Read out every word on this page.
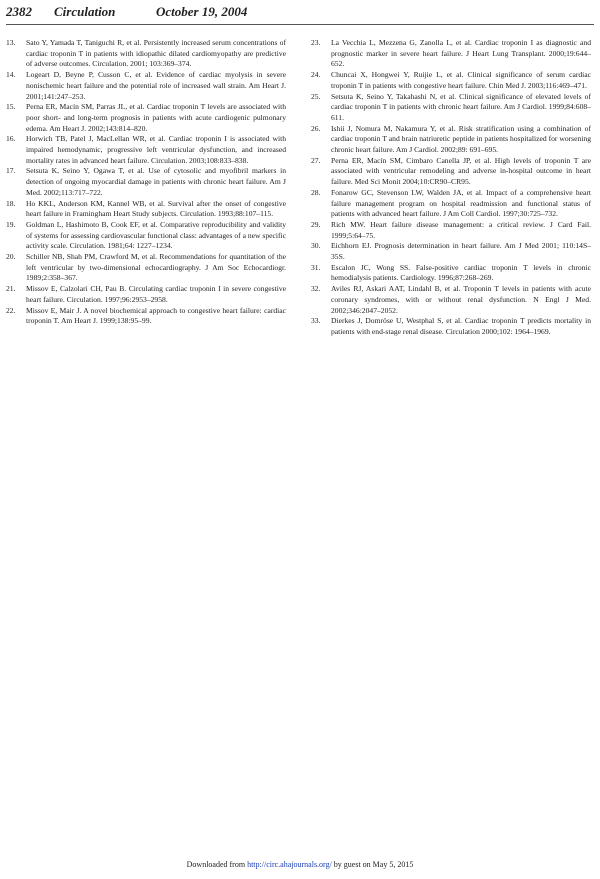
2382 Circulation	October 19, 2004

13. Sato Y, Yamada T, Taniguchi R, et al. Persistently increased serum concentrations of cardiac troponin T in patients with idiopathic dilated cardiomyopathy are predictive of adverse outcomes. Circulation. 2001; 103:369–374.

14. Logeart D, Beyne P, Cusson C, et al. Evidence of cardiac myolysis in severe nonischemic heart failure and the potential role of increased wall strain. Am Heart J. 2001;141:247–253.

15. Perna ER, Macín SM, Parras JL, et al. Cardiac troponin T levels are associated with poor short- and long-term prognosis in patients with acute cardiogenic pulmonary edema. Am Heart J. 2002;143:814–820.

16. Horwich TB, Patel J, MacLellan WR, et al. Cardiac troponin I is associated with impaired hemodynamic, progressive left ventricular dysfunction, and increased mortality rates in advanced heart failure. Circulation. 2003;108:833–838.

17. Setsuta K, Seino Y, Ogawa T, et al. Use of cytosolic and myofibril markers in detection of ongoing myocardial damage in patients with chronic heart failure. Am J Med. 2002;113:717–722.

18. Ho KKL, Anderson KM, Kannel WB, et al. Survival after the onset of congestive heart failure in Framingham Heart Study subjects. Circulation. 1993;88:107–115.

19. Goldman L, Hashimoto B, Cook EF, et al. Comparative reproducibility and validity of systems for assessing cardiovascular functional class: advantages of a new specific activity scale. Circulation. 1981;64: 1227–1234.

20. Schiller NB, Shah PM, Crawford M, et al. Recommendations for quantitation of the left ventricular by two-dimensional echocardiography. J Am Soc Echocardiogr. 1989;2:358–367.

21. Missov E, Calzolari CH, Pau B. Circulating cardiac troponin I in severe congestive heart failure. Circulation. 1997;96:2953–2958.

22. Missov E, Mair J. A novel biochemical approach to congestive heart failure: cardiac troponin T. Am Heart J. 1999;138:95–99.

23. La Vecchia L, Mezzena G, Zanolla L, et al. Cardiac troponin I as diagnostic and prognostic marker in severe heart failure. J Heart Lung Transplant. 2000;19:644–652.

24. Chuncai X, Hongwei Y, Ruijie L, et al. Clinical significance of serum cardiac troponin T in patients with congestive heart failure. Chin Med J. 2003;116:469–471.

25. Setsuta K, Seino Y, Takahashi N, et al. Clinical significance of elevated levels of cardiac troponin T in patients with chronic heart failure. Am J Cardiol. 1999;84:608–611.

26. Ishii J, Nomura M, Nakamura Y, et al. Risk stratification using a combination of cardiac troponin T and brain natriuretic peptide in patients hospitalized for worsening chronic heart failure. Am J Cardiol. 2002;89: 691–695.

27. Perna ER, Macín SM, Cimbaro Canella JP, et al. High levels of troponin T are associated with ventricular remodeling and adverse in-hospital outcome in heart failure. Med Sci Monit 2004;10:CR90–CR95.

28. Fonarow GC, Stevenson LW, Walden JA, et al. Impact of a comprehensive heart failure management program on hospital readmission and functional status of patients with advanced heart failure. J Am Coll Cardiol. 1997;30:725–732.

29. Rich MW. Heart failure disease management: a critical review. J Card Fail. 1999;5:64–75.

30. Eichhorn EJ. Prognosis determination in heart failure. Am J Med 2001; 110:14S–35S.

31. Escalon JC, Wong SS. False-positive cardiac troponin T levels in chronic hemodialysis patients. Cardiology. 1996;87:268–269.

32. Aviles RJ, Askari AAT, Lindahl B, et al. Troponin T levels in patients with acute coronary syndromes, with or without renal dysfunction. N Engl J Med. 2002;346:2047–2052.

33. Dierkes J, Domröse U, Westphal S, et al. Cardiac troponin T predicts mortality in patients with end-stage renal disease. Circulation 2000;102: 1964–1969.

Downloaded from http://circ.ahajournals.org/ by guest on May 5, 2015
